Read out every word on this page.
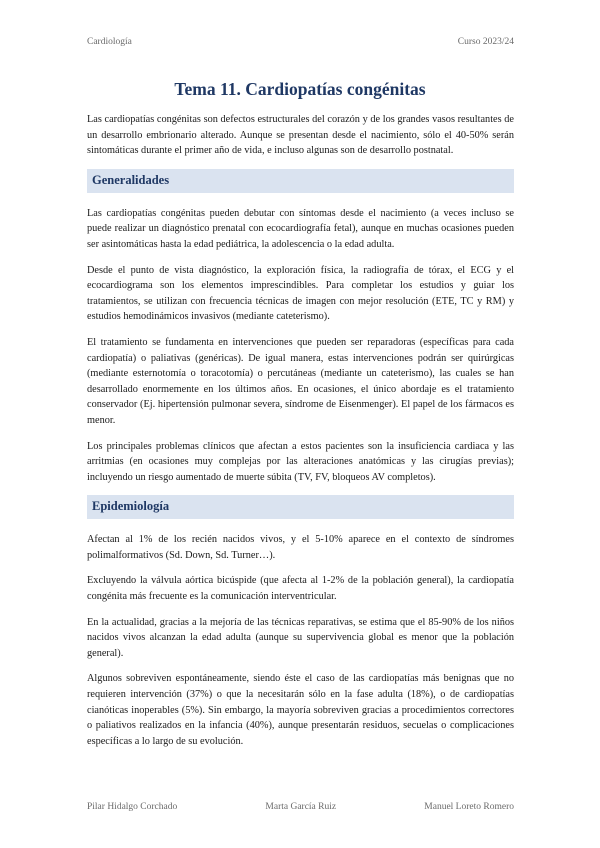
Cardiología	Curso 2023/24
Tema 11. Cardiopatías congénitas

Las cardiopatías congénitas son defectos estructurales del corazón y de los grandes vasos resultantes de un desarrollo embrionario alterado. Aunque se presentan desde el nacimiento, sólo el 40-50% serán sintomáticas durante el primer año de vida, e incluso algunas son de desarrollo postnatal.

Generalidades

Las cardiopatías congénitas pueden debutar con síntomas desde el nacimiento (a veces incluso se puede realizar un diagnóstico prenatal con ecocardiografía fetal), aunque en muchas ocasiones pueden ser asintomáticas hasta la edad pediátrica, la adolescencia o la edad adulta.

Desde el punto de vista diagnóstico, la exploración física, la radiografía de tórax, el ECG y el ecocardiograma son los elementos imprescindibles. Para completar los estudios y guiar los tratamientos, se utilizan con frecuencia técnicas de imagen con mejor resolución (ETE, TC y RM) y estudios hemodinámicos invasivos (mediante cateterismo).

El tratamiento se fundamenta en intervenciones que pueden ser reparadoras (específicas para cada cardiopatía) o paliativas (genéricas). De igual manera, estas intervenciones podrán ser quirúrgicas (mediante esternotomía o toracotomía) o percutáneas (mediante un cateterismo), las cuales se han desarrollado enormemente en los últimos años. En ocasiones, el único abordaje es el tratamiento conservador (Ej. hipertensión pulmonar severa, síndrome de Eisenmenger). El papel de los fármacos es menor.

Los principales problemas clínicos que afectan a estos pacientes son la insuficiencia cardiaca y las arritmias (en ocasiones muy complejas por las alteraciones anatómicas y las cirugías previas); incluyendo un riesgo aumentado de muerte súbita (TV, FV, bloqueos AV completos).

Epidemiología

Afectan al 1% de los recién nacidos vivos, y el 5-10% aparece en el contexto de síndromes polimalformativos (Sd. Down, Sd. Turner…).

Excluyendo la válvula aórtica bicúspide (que afecta al 1-2% de la población general), la cardiopatía congénita más frecuente es la comunicación interventricular.

En la actualidad, gracias a la mejoría de las técnicas reparativas, se estima que el 85-90% de los niños nacidos vivos alcanzan la edad adulta (aunque su supervivencia global es menor que la población general).

Algunos sobreviven espontáneamente, siendo éste el caso de las cardiopatías más benignas que no requieren intervención (37%) o que la necesitarán sólo en la fase adulta (18%), o de cardiopatías cianóticas inoperables (5%). Sin embargo, la mayoría sobreviven gracias a procedimientos correctores o paliativos realizados en la infancia (40%), aunque presentarán residuos, secuelas o complicaciones específicas a lo largo de su evolución.

Pilar Hidalgo Corchado	Marta García Ruiz	Manuel Loreto Romero
